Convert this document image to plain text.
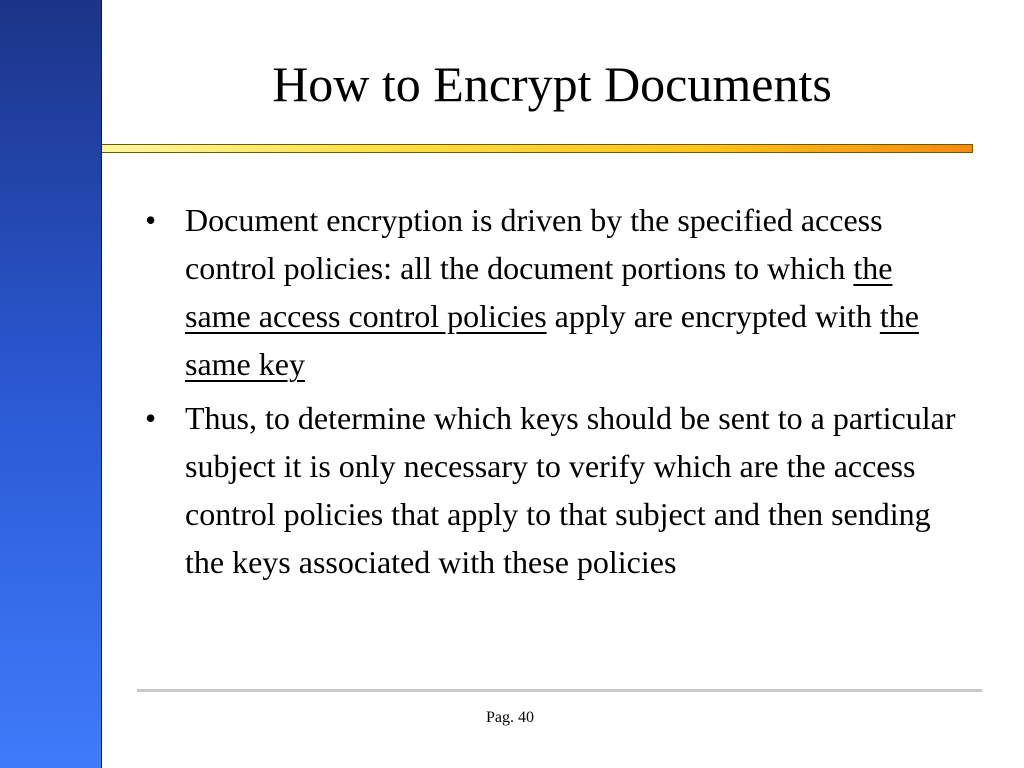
How to Encrypt Documents
• Document encryption is driven by the specified access control policies: all the document portions to which the same access control policies apply are encrypted with the same key
• Thus, to determine which keys should be sent to a particular subject it is only necessary to verify which are the access control policies that apply to that subject and then sending the keys associated with these policies
Pag. 40
